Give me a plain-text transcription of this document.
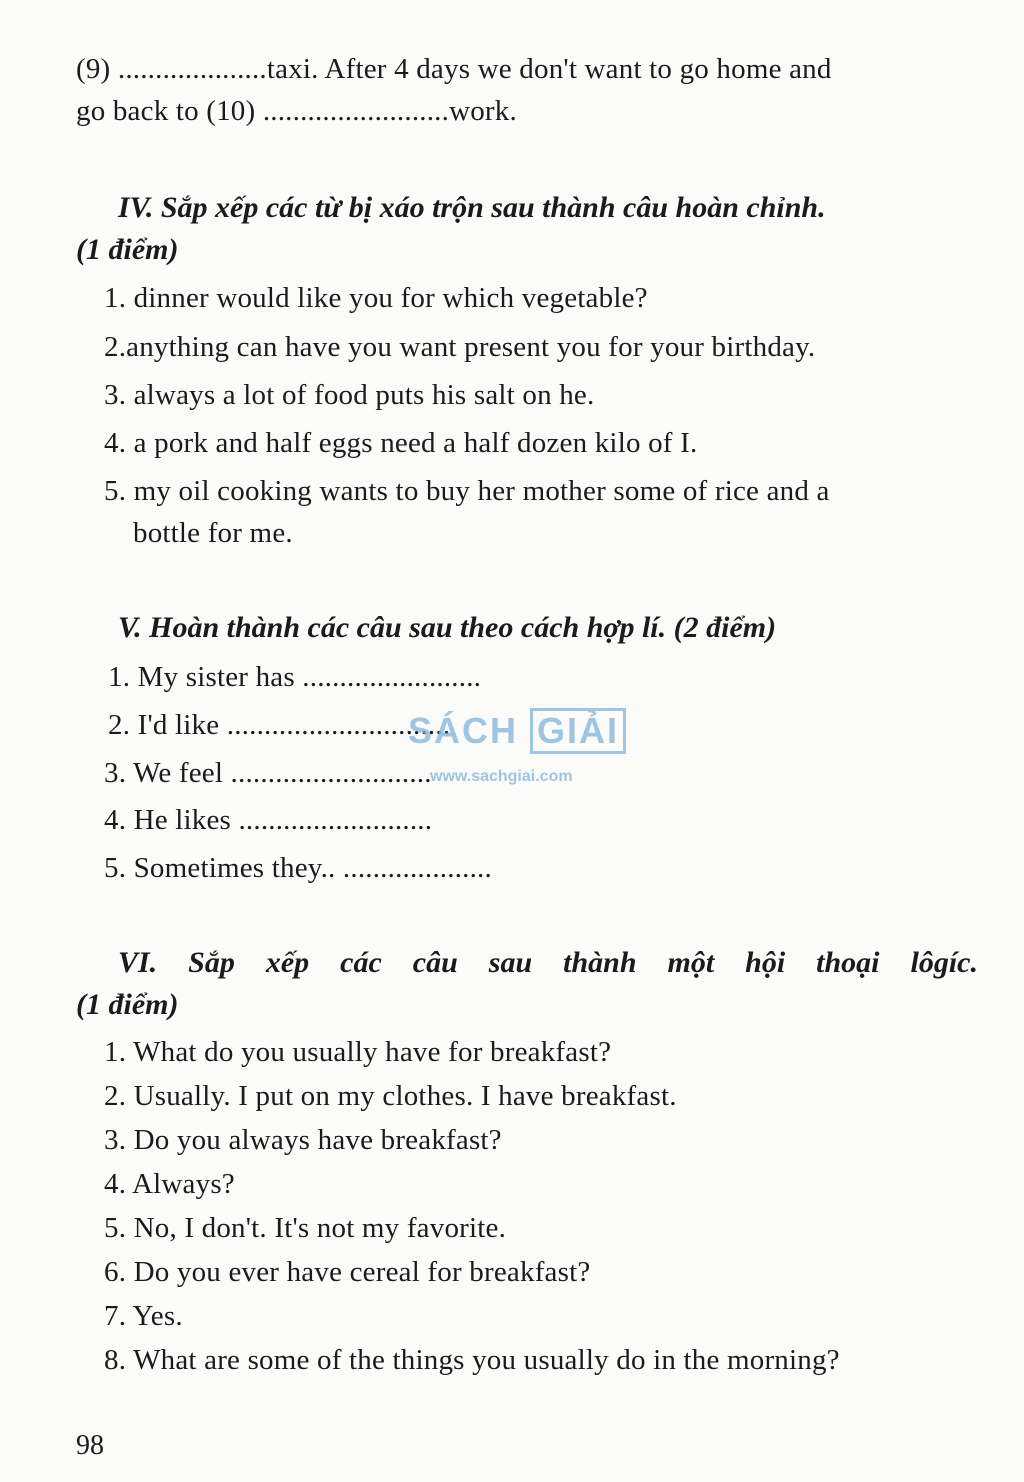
(9) ....................taxi. After 4 days we don't want to go home and
go back to (10) .........................work.
IV. Sắp xếp các từ bị xáo trộn sau thành câu hoàn chỉnh.
(1 điểm)
1. dinner would like you for which vegetable?
2.anything can have you want present you for your birthday.
3. always a lot of food puts his salt on he.
4. a pork and half eggs need a half dozen kilo of I.
5. my oil cooking wants to buy her mother some of rice and a
bottle for me.
V. Hoàn thành các câu sau theo cách hợp lí. (2 điểm)
1. My sister has ........................
2. I'd like ..............................
3. We feel ...........................
4. He likes ..........................
5. Sometimes they.. ....................
VI. Sắp xếp các câu sau thành một hội thoại lôgíc.
(1 điểm)
1. What do you usually have for breakfast?
2. Usually. I put on my clothes. I have breakfast.
3. Do you always have breakfast?
4. Always?
5. No, I don't. It's not my favorite.
6. Do you ever have cereal for breakfast?
7. Yes.
8. What are some of the things you usually do in the morning?
SÁCH GIẢI
www.sachgiai.com
98
